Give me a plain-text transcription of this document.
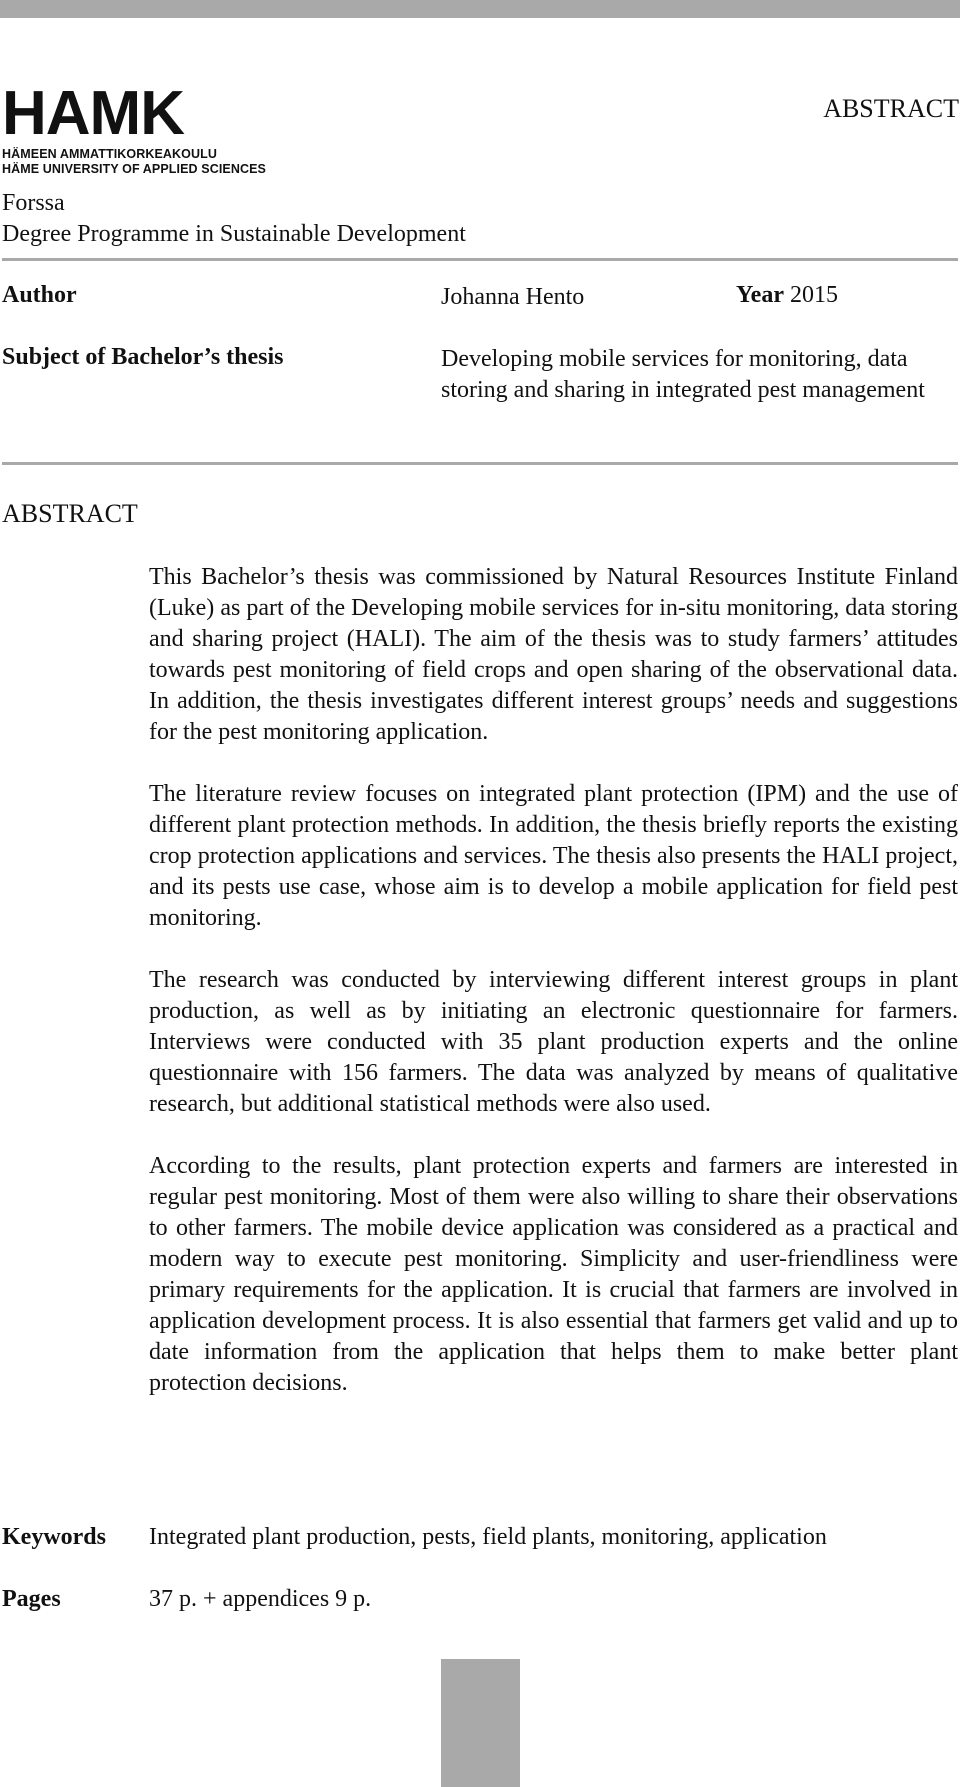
HAMK
HÄMEEN AMMATTIKORKEAKOULU
HÄME UNIVERSITY OF APPLIED SCIENCES
ABSTRACT
Forssa
Degree Programme in Sustainable Development
Author	Johanna Hento	Year 2015
Subject of Bachelor’s thesis	Developing mobile services for monitoring, data storing and sharing in integrated pest management
ABSTRACT

This Bachelor’s thesis was commissioned by Natural Resources Institute Finland (Luke) as part of the Developing mobile services for in-situ monitoring, data storing and sharing project (HALI). The aim of the thesis was to study farmers’ attitudes towards pest monitoring of field crops and open sharing of the observational data. In addition, the thesis investigates different interest groups’ needs and suggestions for the pest monitoring application.

The literature review focuses on integrated plant protection (IPM) and the use of different plant protection methods. In addition, the thesis briefly reports the existing crop protection applications and services. The thesis also presents the HALI project, and its pests use case, whose aim is to develop a mobile application for field pest monitoring.

The research was conducted by interviewing different interest groups in plant production, as well as by initiating an electronic questionnaire for farmers. Interviews were conducted with 35 plant production experts and the online questionnaire with 156 farmers. The data was analyzed by means of qualitative research, but additional statistical methods were also used.

According to the results, plant protection experts and farmers are interested in regular pest monitoring. Most of them were also willing to share their observations to other farmers. The mobile device application was considered as a practical and modern way to execute pest monitoring. Simplicity and user-friendliness were primary requirements for the application. It is crucial that farmers are involved in application development process. It is also essential that farmers get valid and up to date information from the application that helps them to make better plant protection decisions.

Keywords Integrated plant production, pests, field plants, monitoring, application
Pages	37 p. + appendices 9 p.
